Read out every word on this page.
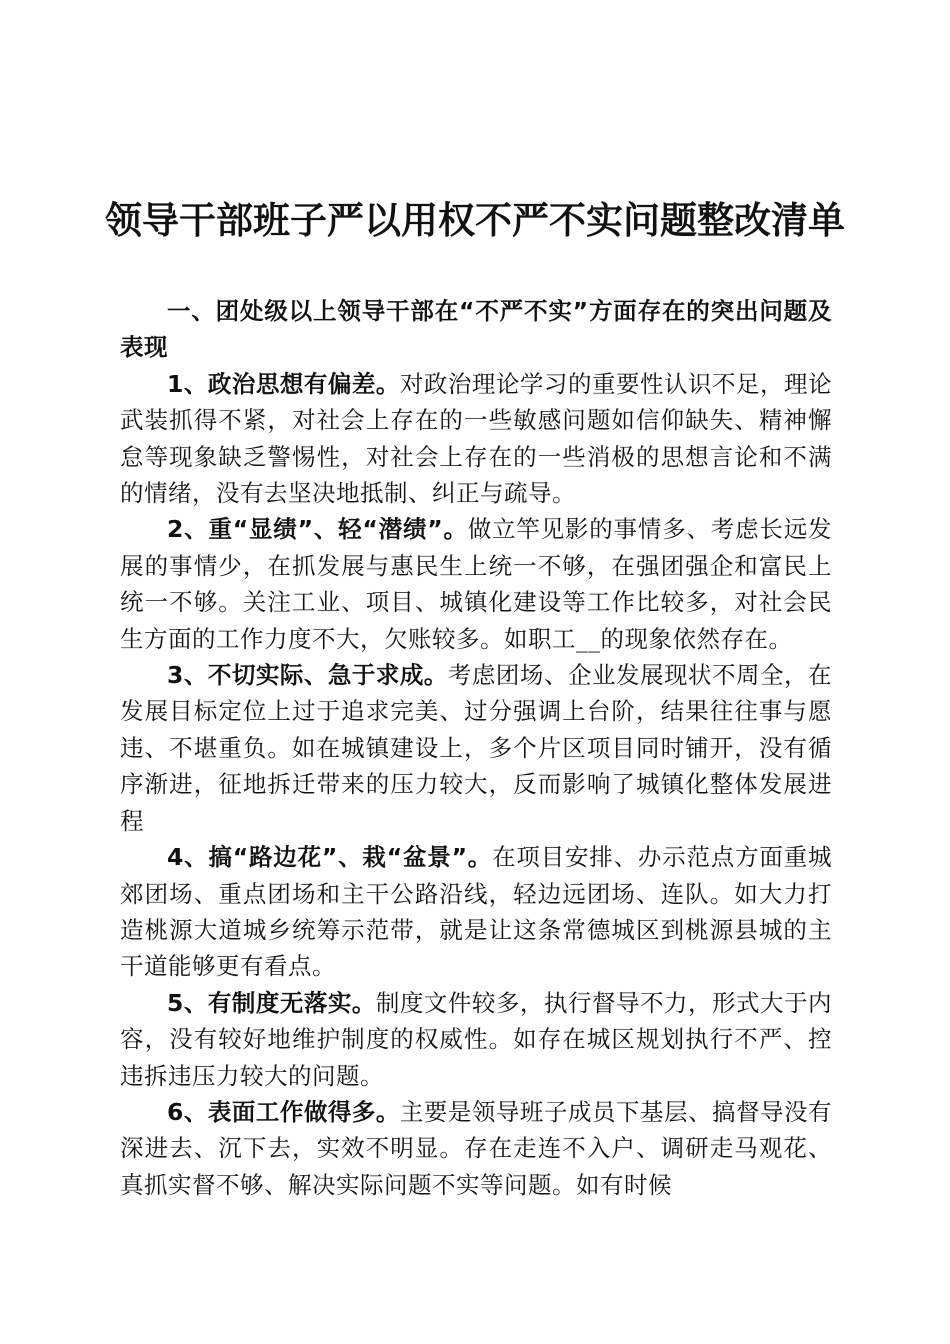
领导干部班子严以用权不严不实问题整改清单

一、团处级以上领导干部在“不严不实”方面存在的突出问题及表现

1、政治思想有偏差。对政治理论学习的重要性认识不足，理论武装抓得不紧，对社会上存在的一些敏感问题如信仰缺失、精神懈怠等现象缺乏警惕性，对社会上存在的一些消极的思想言论和不满的情绪，没有去坚决地抵制、纠正与疏导。

2、重“显绩”、轻“潜绩”。做立竿见影的事情多、考虑长远发展的事情少，在抓发展与惠民生上统一不够，在强团强企和富民上统一不够。关注工业、项目、城镇化建设等工作比较多，对社会民生方面的工作力度不大，欠账较多。如职工__的现象依然存在。

3、不切实际、急于求成。考虑团场、企业发展现状不周全，在发展目标定位上过于追求完美、过分强调上台阶，结果往往事与愿违、不堪重负。如在城镇建设上，多个片区项目同时铺开，没有循序渐进，征地拆迁带来的压力较大，反而影响了城镇化整体发展进程

4、搞“路边花”、栽“盆景”。在项目安排、办示范点方面重城郊团场、重点团场和主干公路沿线，轻边远团场、连队。如大力打造桃源大道城乡统筹示范带，就是让这条常德城区到桃源县城的主干道能够更有看点。

5、有制度无落实。制度文件较多，执行督导不力，形式大于内容，没有较好地维护制度的权威性。如存在城区规划执行不严、控违拆违压力较大的问题。

6、表面工作做得多。主要是领导班子成员下基层、搞督导没有深进去、沉下去，实效不明显。存在走连不入户、调研走马观花、真抓实督不够、解决实际问题不实等问题。如有时候
